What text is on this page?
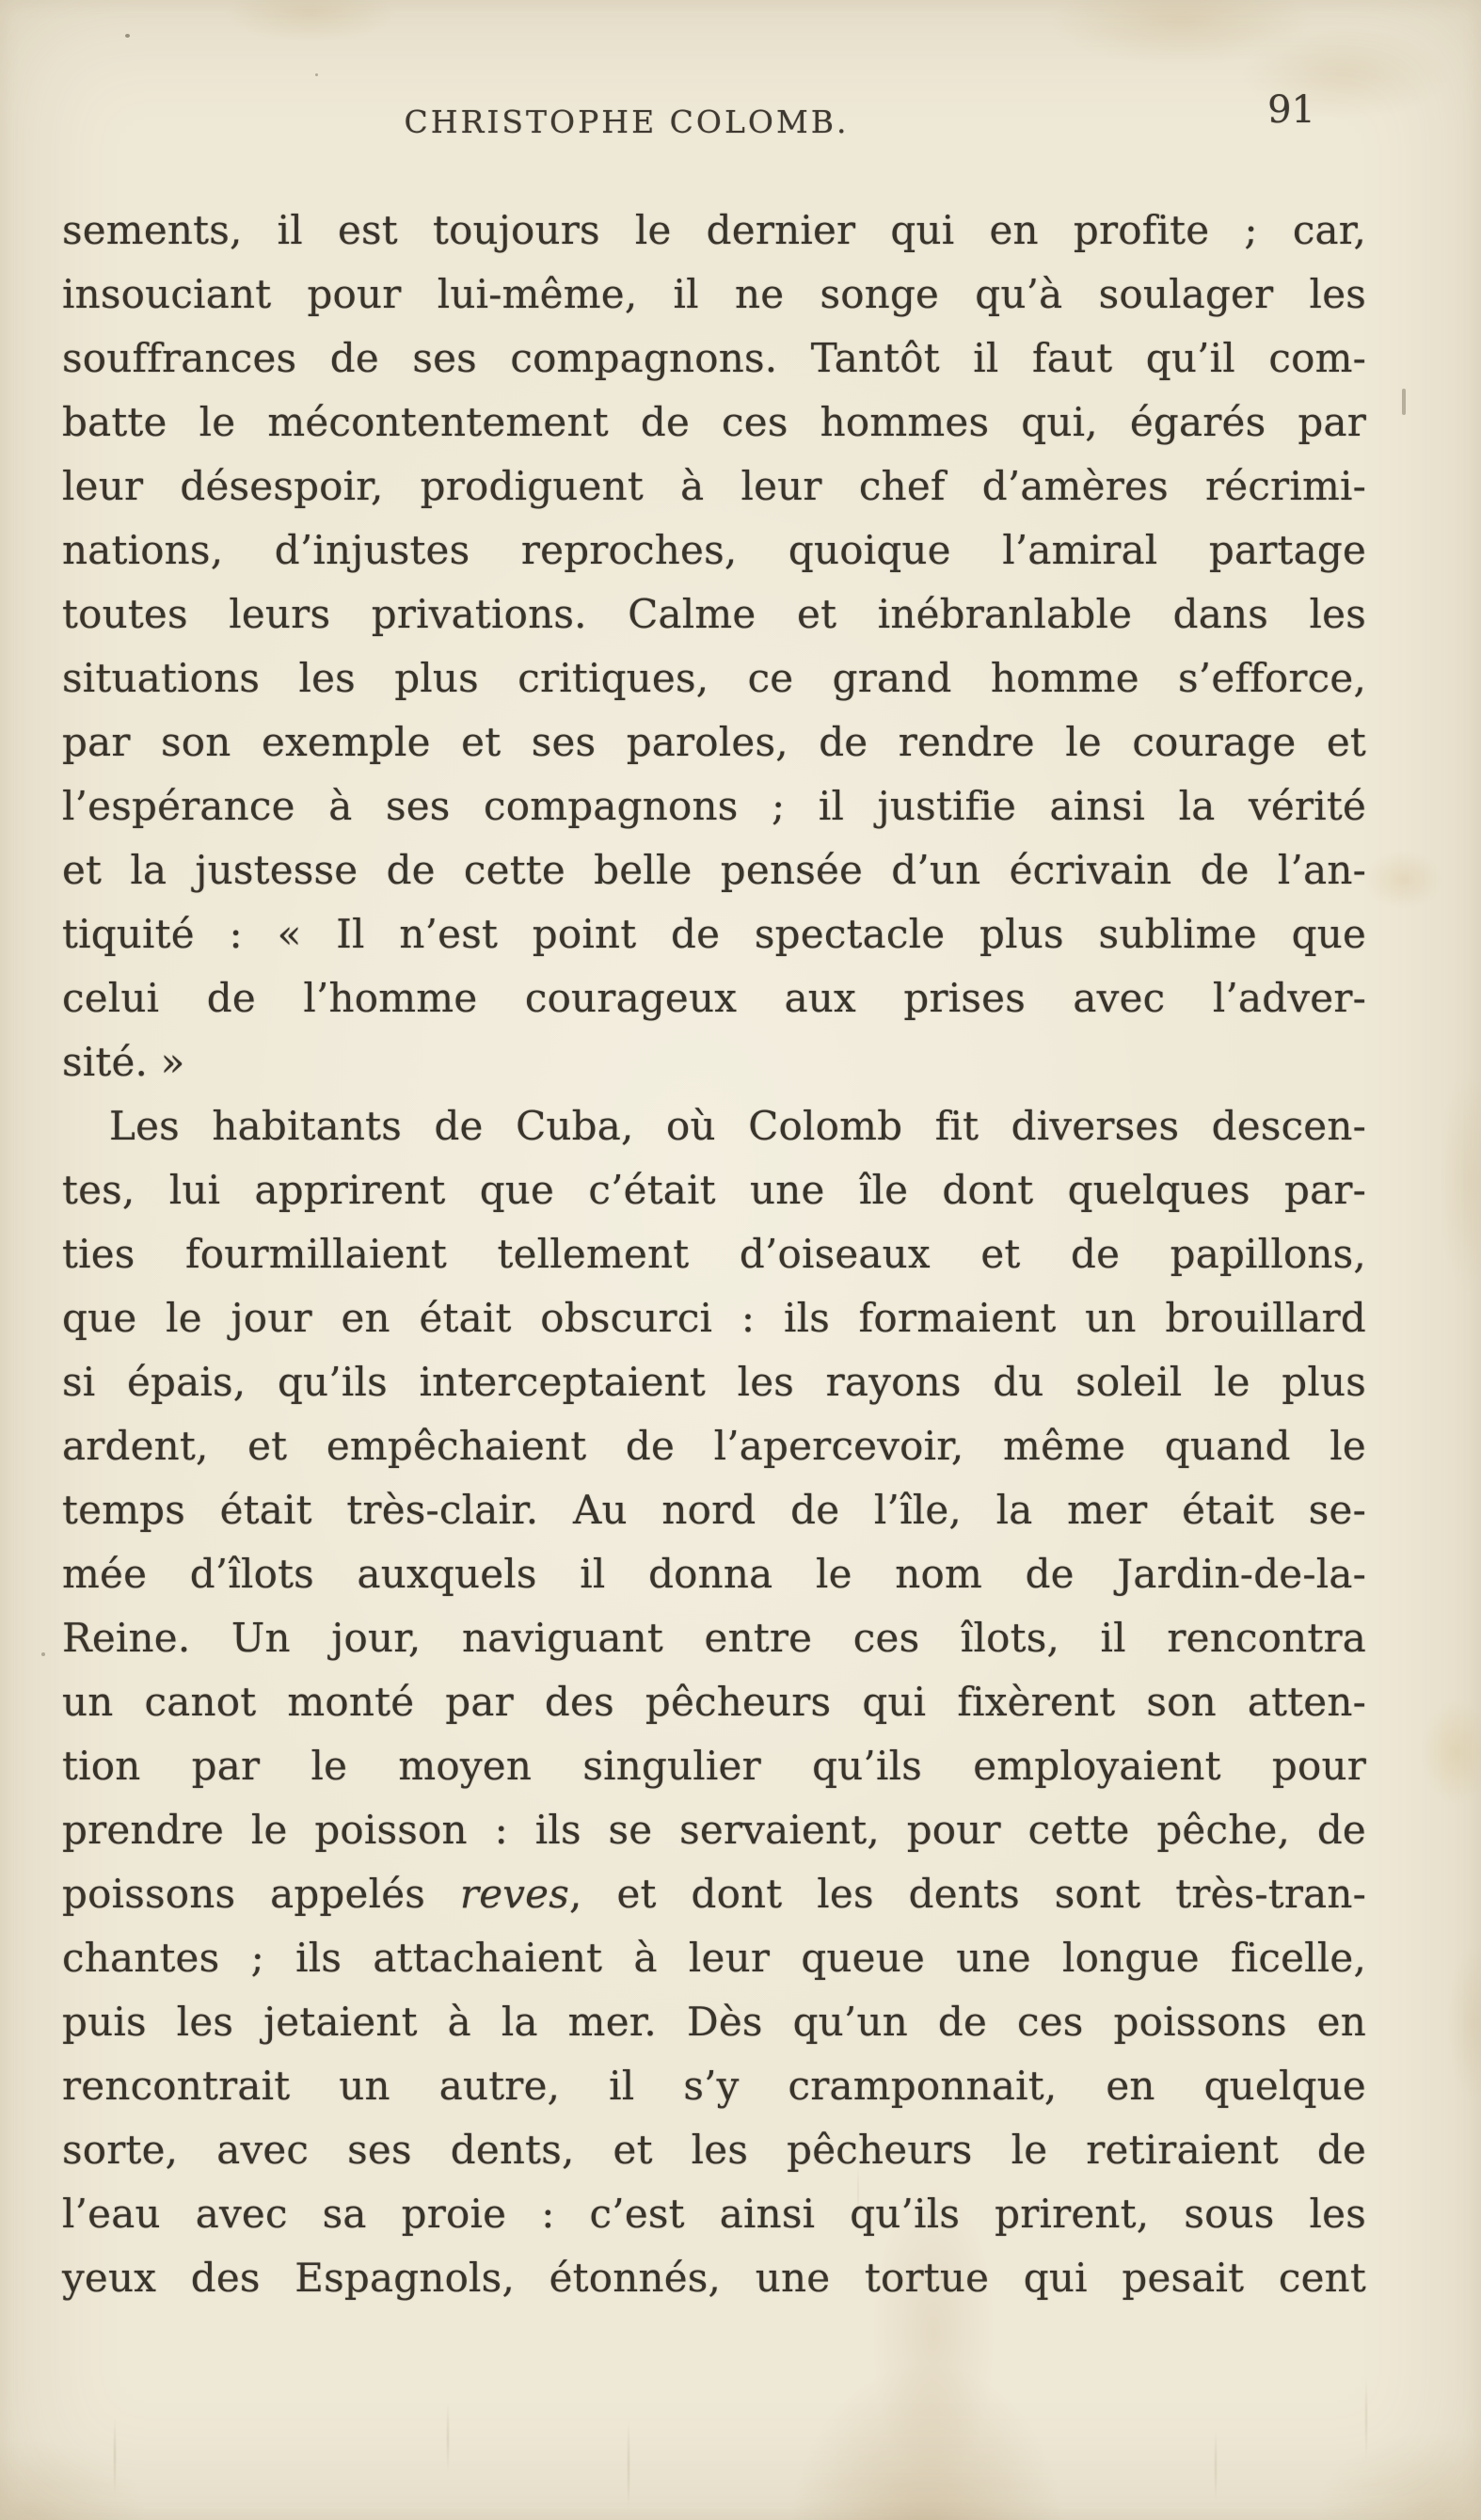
CHRISTOPHE COLOMB.	91
sements, il est toujours le dernier qui en profite ; car,
insouciant pour lui-même, il ne songe qu’à soulager les
souffrances de ses compagnons. Tantôt il faut qu’il com-
batte le mécontentement de ces hommes qui, égarés par
leur désespoir, prodiguent à leur chef d’amères récrimi-
nations, d’injustes reproches, quoique l’amiral partage
toutes leurs privations. Calme et inébranlable dans les
situations les plus critiques, ce grand homme s’efforce,
par son exemple et ses paroles, de rendre le courage et
l’espérance à ses compagnons ; il justifie ainsi la vérité
et la justesse de cette belle pensée d’un écrivain de l’an-
tiquité : « Il n’est point de spectacle plus sublime que
celui de l’homme courageux aux prises avec l’adver-
sité. »
Les habitants de Cuba, où Colomb fit diverses descen-
tes, lui apprirent que c’était une île dont quelques par-
ties fourmillaient tellement d’oiseaux et de papillons,
que le jour en était obscurci : ils formaient un brouillard
si épais, qu’ils interceptaient les rayons du soleil le plus
ardent, et empêchaient de l’apercevoir, même quand le
temps était très-clair. Au nord de l’île, la mer était se-
mée d’îlots auxquels il donna le nom de Jardin-de-la-
Reine. Un jour, naviguant entre ces îlots, il rencontra
un canot monté par des pêcheurs qui fixèrent son atten-
tion par le moyen singulier qu’ils employaient pour
prendre le poisson : ils se servaient, pour cette pêche, de
poissons appelés reves, et dont les dents sont très-tran-
chantes ; ils attachaient à leur queue une longue ficelle,
puis les jetaient à la mer. Dès qu’un de ces poissons en
rencontrait un autre, il s’y cramponnait, en quelque
sorte, avec ses dents, et les pêcheurs le retiraient de
l’eau avec sa proie : c’est ainsi qu’ils prirent, sous les
yeux des Espagnols, étonnés, une tortue qui pesait cent
